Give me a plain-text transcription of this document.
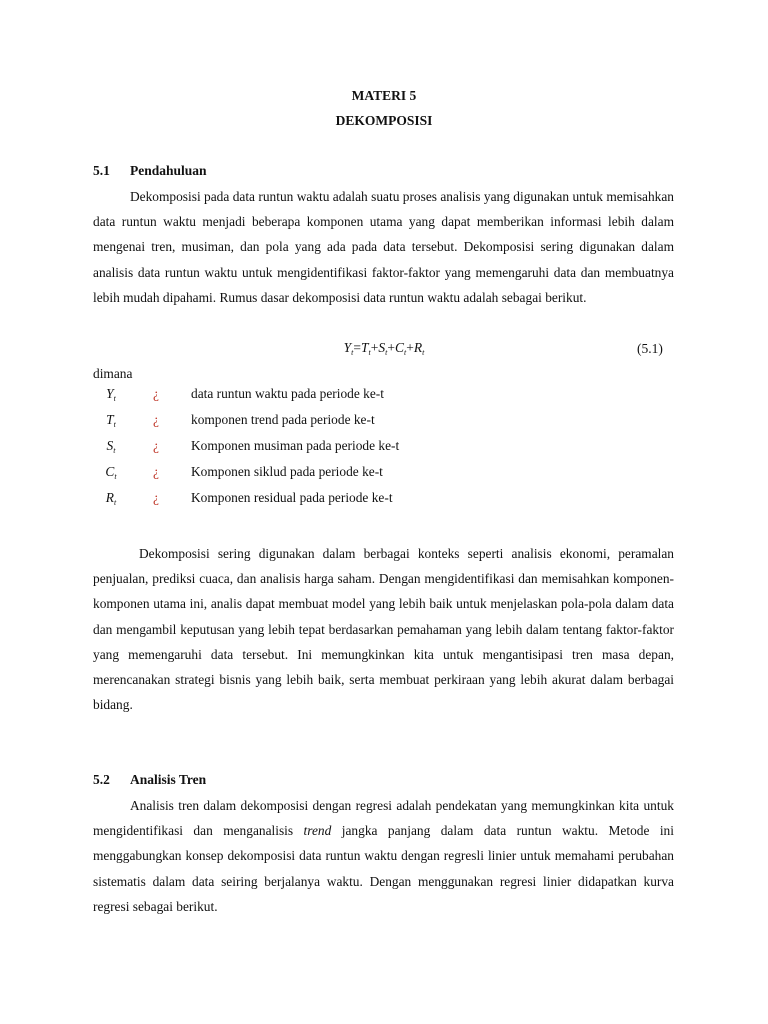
MATERI 5
DEKOMPOSISI
5.1 Pendahuluan

Dekomposisi pada data runtun waktu adalah suatu proses analisis yang digunakan untuk memisahkan data runtun waktu menjadi beberapa komponen utama yang dapat memberikan informasi lebih dalam mengenai tren, musiman, dan pola yang ada pada data tersebut. Dekomposisi sering digunakan dalam analisis data runtun waktu untuk mengidentifikasi faktor-faktor yang memengaruhi data dan membuatnya lebih mudah dipahami. Rumus dasar dekomposisi data runtun waktu adalah sebagai berikut.

$Y_t=T_t+S_t+C_t+R_t$	(5.1)
dimana
$Y_t$	¿ data runtun waktu pada periode ke-t
$T_t$	¿ komponen trend pada periode ke-t
$S_t$	¿ Komponen musiman pada periode ke-t
$C_t$	¿ Komponen siklud pada periode ke-t
$R_t$	¿ Komponen residual pada periode ke-t

Dekomposisi sering digunakan dalam berbagai konteks seperti analisis ekonomi, peramalan penjualan, prediksi cuaca, dan analisis harga saham. Dengan mengidentifikasi dan memisahkan komponen-komponen utama ini, analis dapat membuat model yang lebih baik untuk menjelaskan pola-pola dalam data dan mengambil keputusan yang lebih tepat berdasarkan pemahaman yang lebih dalam tentang faktor-faktor yang memengaruhi data tersebut. Ini memungkinkan kita untuk mengantisipasi tren masa depan, merencanakan strategi bisnis yang lebih baik, serta membuat perkiraan yang lebih akurat dalam berbagai bidang.

5.2 Analisis Tren

Analisis tren dalam dekomposisi dengan regresi adalah pendekatan yang memungkinkan kita untuk mengidentifikasi dan menganalisis trend jangka panjang dalam data runtun waktu. Metode ini menggabungkan konsep dekomposisi data runtun waktu dengan regresli linier untuk memahami perubahan sistematis dalam data seiring berjalanya waktu. Dengan menggunakan regresi linier didapatkan kurva regresi sebagai berikut.
